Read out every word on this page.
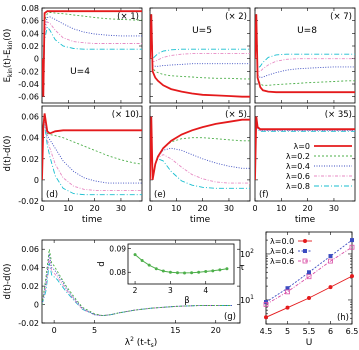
-0.06
-0.04
-0.02
0
0.02
0.04
0.06
0.08
(× 1)
U=4
(× 2)
U=5
(× 7)
U=8
-0.02
0
0.02
0.04
0.06
0 10 20 30
(× 10)
(d)
time
0 10 20 30
(× 5)
(e)
time
0 10 20 30
(× 35)
(f)
time
$E_{kin}(t)-E_{kin}(0)$
d(t)-d(0)	λ=0
λ=0.2
λ=0.4
λ=0.6
λ=0.8
-0.02
0
0.02
0.04
0.06
0	5	15	20
(g)
d(t)-d(0)
$\lambda^2$ $(t-t_s)$
0.08
0.09
2	3	4
β
d
4.5 5 5.5 6 6.5
$10^1$
$10^2$
λ=0.0
λ=0.4
λ=0.6
(h)
U
τ
